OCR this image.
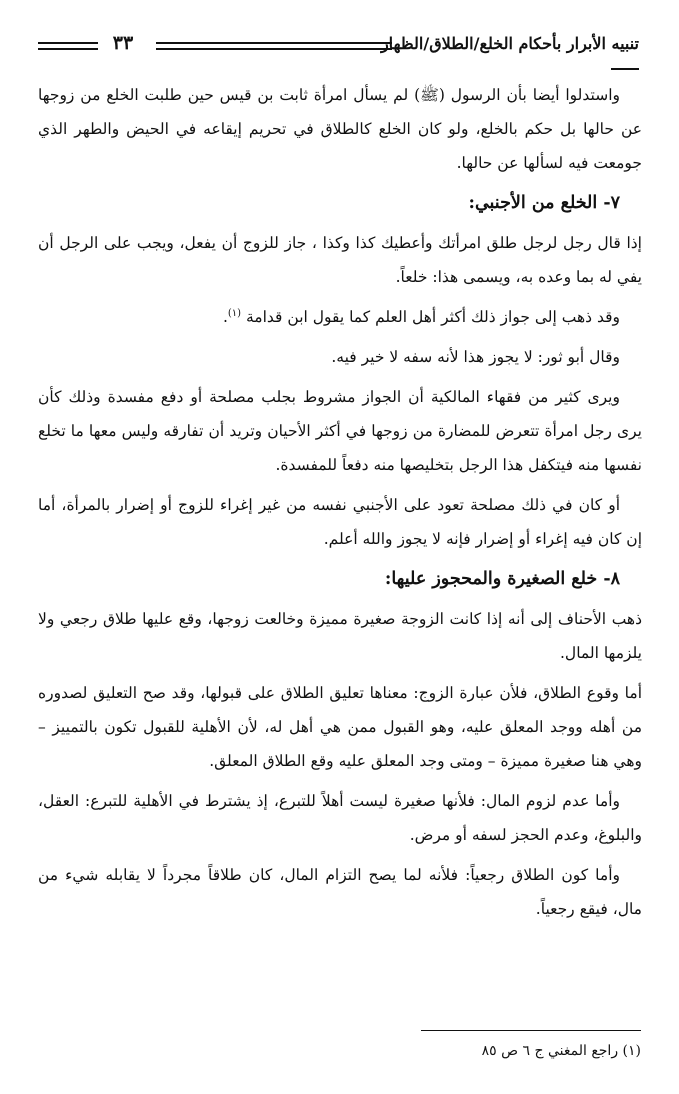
٣٣	تنبيه الأبرار بأحكام الخلع/الطلاق/الظهار

واستدلوا أيضا بأن الرسول (ﷺ) لم يسأل امرأة ثابت بن قيس حين طلبت الخلع من زوجها عن حالها بل حكم بالخلع، ولو كان الخلع كالطلاق في تحريم إيقاعه في الحيض والطهر الذي جومعت فيه لسألها عن حالها.

٧- الخلع من الأجنبي:

إذا قال رجل لرجل طلق امرأتك وأعطيك كذا وكذا ، جاز للزوج أن يفعل، ويجب على الرجل أن يفي له بما وعده به، ويسمى هذا: خلعاً.

وقد ذهب إلى جواز ذلك أكثر أهل العلم كما يقول ابن قدامة $^{(١)}$.

وقال أبو ثور: لا يجوز هذا لأنه سفه لا خير فيه.

ويرى كثير من فقهاء المالكية أن الجواز مشروط بجلب مصلحة أو دفع مفسدة وذلك كأن يرى رجل امرأة تتعرض للمضارة من زوجها في أكثر الأحيان وتريد أن تفارقه وليس معها ما تخلع نفسها منه فيتكفل هذا الرجل بتخليصها منه دفعاً للمفسدة.

أو كان في ذلك مصلحة تعود على الأجنبي نفسه من غير إغراء للزوج أو إضرار بالمرأة، أما إن كان فيه إغراء أو إضرار فإنه لا يجوز والله أعلم.

٨- خلع الصغيرة والمحجوز عليها:

ذهب الأحناف إلى أنه إذا كانت الزوجة صغيرة مميزة وخالعت زوجها، وقع عليها طلاق رجعي ولا يلزمها المال.

أما وقوع الطلاق، فلأن عبارة الزوج: معناها تعليق الطلاق على قبولها، وقد صح التعليق لصدوره من أهله ووجد المعلق عليه، وهو القبول ممن هي أهل له، لأن الأهلية للقبول تكون بالتمييز – وهي هنا صغيرة مميزة – ومتى وجد المعلق عليه وقع الطلاق المعلق.

وأما عدم لزوم المال: فلأنها صغيرة ليست أهلاً للتبرع، إذ يشترط في الأهلية للتبرع: العقل، والبلوغ، وعدم الحجز لسفه أو مرض.

وأما كون الطلاق رجعياً: فلأنه لما يصح التزام المال، كان طلاقاً مجرداً لا يقابله شيء من مال، فيقع رجعياً.

(١) راجع المغني ج ٦ ص ٨٥
